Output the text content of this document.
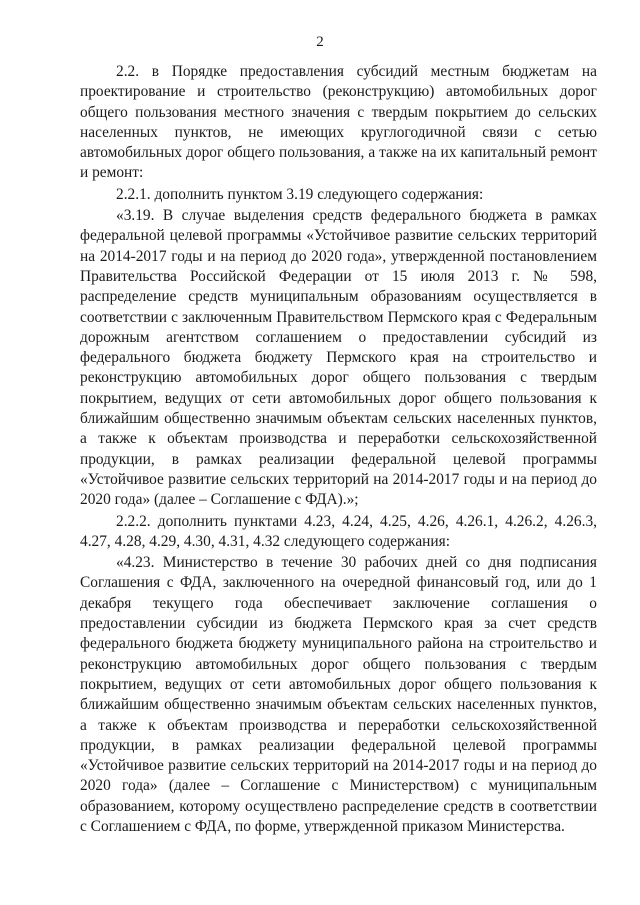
2

2.2. в Порядке предоставления субсидий местным бюджетам на проектирование и строительство (реконструкцию) автомобильных дорог общего пользования местного значения с твердым покрытием до сельских населенных пунктов, не имеющих круглогодичной связи с сетью автомобильных дорог общего пользования, а также на их капитальный ремонт и ремонт:

2.2.1. дополнить пунктом 3.19 следующего содержания:

«3.19. В случае выделения средств федерального бюджета в рамках федеральной целевой программы «Устойчивое развитие сельских территорий на 2014-2017 годы и на период до 2020 года», утвержденной постановлением Правительства Российской Федерации от 15 июля 2013 г. № 598, распределение средств муниципальным образованиям осуществляется в соответствии с заключенным Правительством Пермского края с Федеральным дорожным агентством соглашением о предоставлении субсидий из федерального бюджета бюджету Пермского края на строительство и реконструкцию автомобильных дорог общего пользования с твердым покрытием, ведущих от сети автомобильных дорог общего пользования к ближайшим общественно значимым объектам сельских населенных пунктов, а также к объектам производства и переработки сельскохозяйственной продукции, в рамках реализации федеральной целевой программы «Устойчивое развитие сельских территорий на 2014-2017 годы и на период до 2020 года» (далее – Соглашение с ФДА).»;

2.2.2. дополнить пунктами 4.23, 4.24, 4.25, 4.26, 4.26.1, 4.26.2, 4.26.3, 4.27, 4.28, 4.29, 4.30, 4.31, 4.32 следующего содержания:

«4.23. Министерство в течение 30 рабочих дней со дня подписания Соглашения с ФДА, заключенного на очередной финансовый год, или до 1 декабря текущего года обеспечивает заключение соглашения о предоставлении субсидии из бюджета Пермского края за счет средств федерального бюджета бюджету муниципального района на строительство и реконструкцию автомобильных дорог общего пользования с твердым покрытием, ведущих от сети автомобильных дорог общего пользования к ближайшим общественно значимым объектам сельских населенных пунктов, а также к объектам производства и переработки сельскохозяйственной продукции, в рамках реализации федеральной целевой программы «Устойчивое развитие сельских территорий на 2014-2017 годы и на период до 2020 года» (далее – Соглашение с Министерством) с муниципальным образованием, которому осуществлено распределение средств в соответствии с Соглашением с ФДА, по форме, утвержденной приказом Министерства.
